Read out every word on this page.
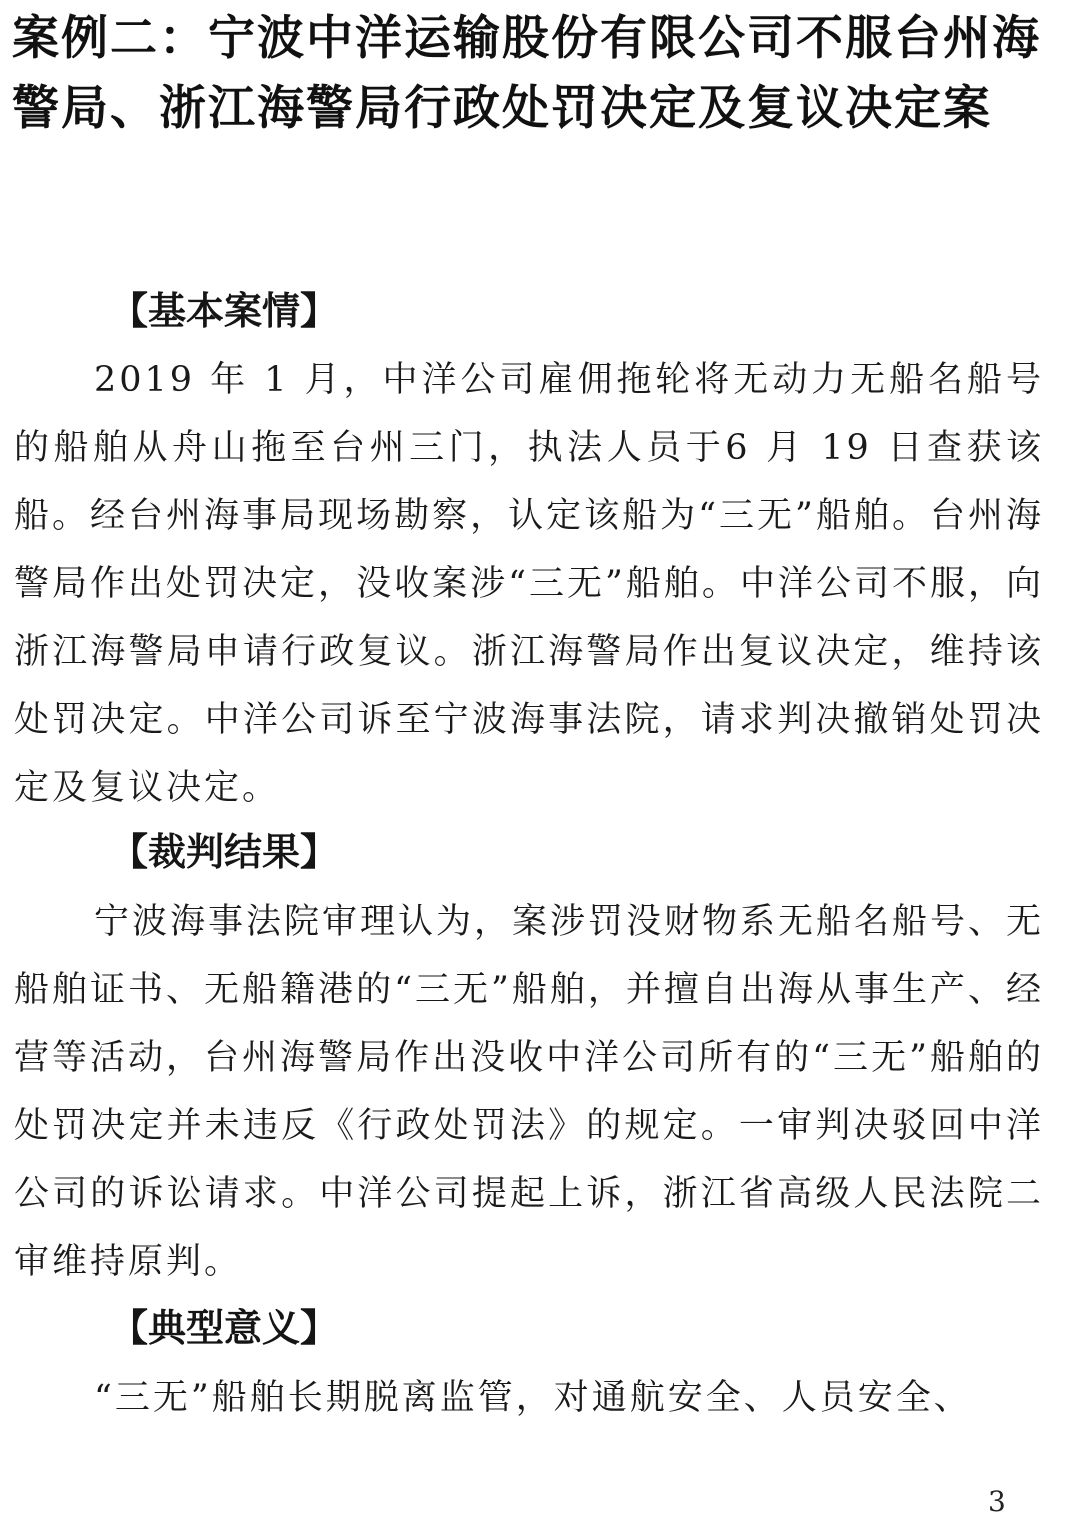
案例二：宁波中洋运输股份有限公司不服台州海警局、浙江海警局行政处罚决定及复议决定案
【基本案情】

2019 年 1 月，中洋公司雇佣拖轮将无动力无船名船号的船舶从舟山拖至台州三门，执法人员于6 月 19 日查获该船。经台州海事局现场勘察，认定该船为“三无”船舶。台州海警局作出处罚决定，没收案涉“三无”船舶。中洋公司不服，向浙江海警局申请行政复议。浙江海警局作出复议决定，维持该处罚决定。中洋公司诉至宁波海事法院，请求判决撤销处罚决定及复议决定。

【裁判结果】

宁波海事法院审理认为，案涉罚没财物系无船名船号、无船舶证书、无船籍港的“三无”船舶，并擅自出海从事生产、经营等活动，台州海警局作出没收中洋公司所有的“三无”船舶的处罚决定并未违反《行政处罚法》的规定。一审判决驳回中洋公司的诉讼请求。中洋公司提起上诉，浙江省高级人民法院二审维持原判。

【典型意义】

“三无”船舶长期脱离监管，对通航安全、人员安全、

3
